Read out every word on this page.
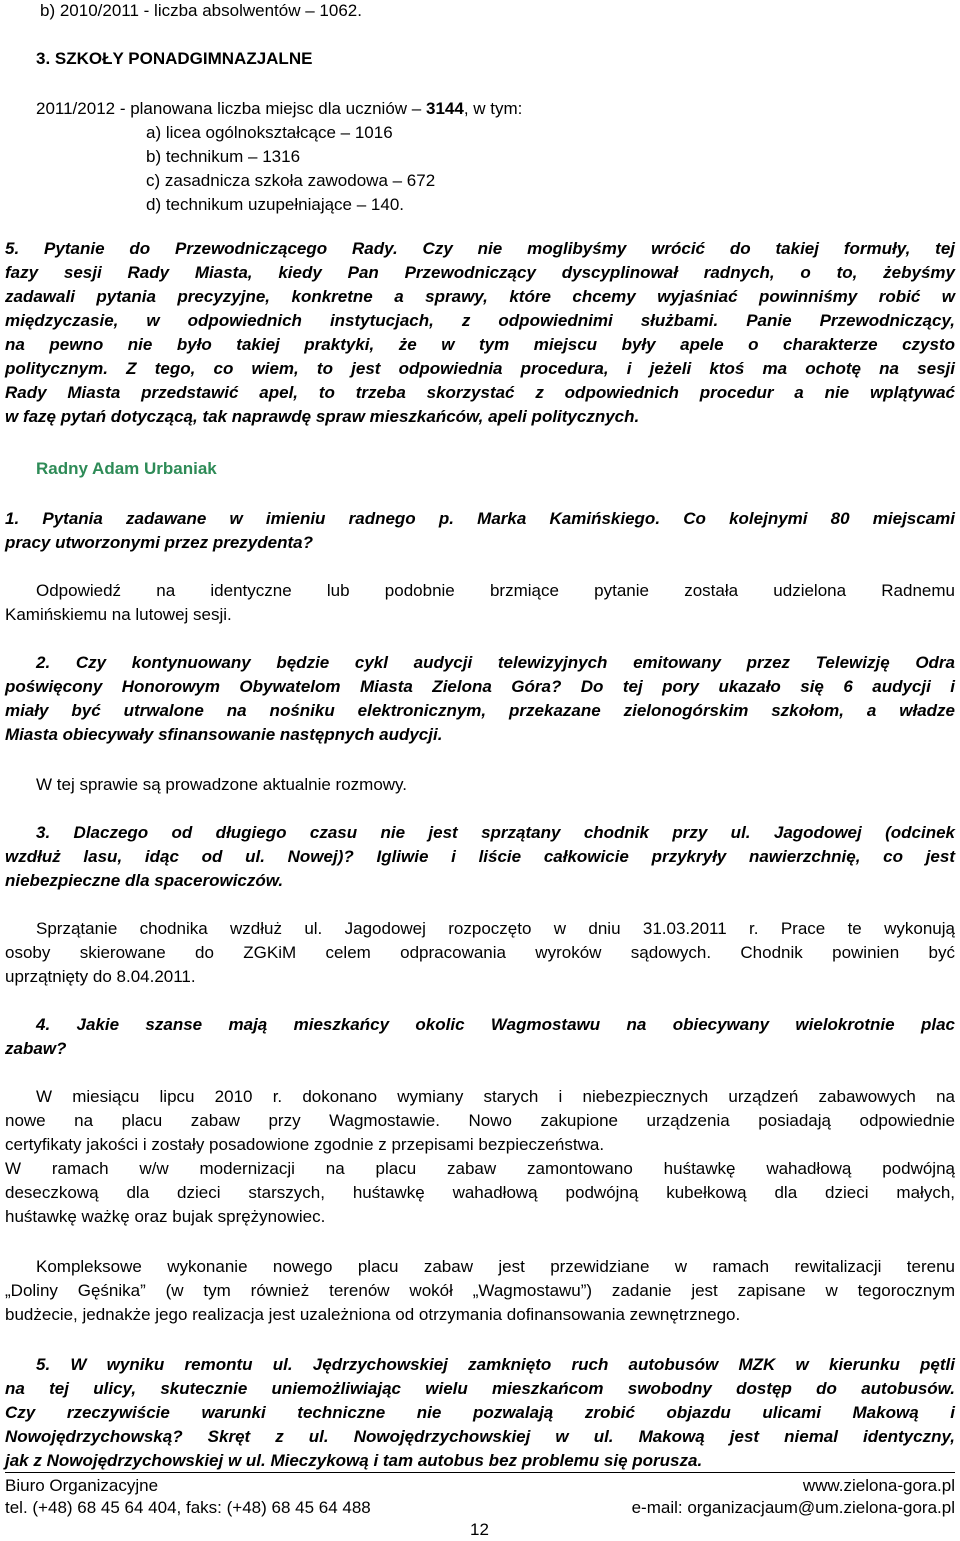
b) 2010/2011 - liczba absolwentów – 1062.
3. SZKOŁY PONADGIMNAZJALNE
2011/2012 - planowana liczba miejsc dla uczniów – 3144, w tym:
a) licea ogólnokształcące – 1016
b) technikum – 1316
c) zasadnicza szkoła zawodowa – 672
d) technikum uzupełniające – 140.
5. Pytanie do Przewodniczącego Rady. Czy nie moglibyśmy wrócić do takiej formuły, tej
fazy sesji Rady Miasta, kiedy Pan Przewodniczący dyscyplinował radnych, o to, żebyśmy
zadawali pytania precyzyjne, konkretne a sprawy, które chcemy wyjaśniać powinniśmy robić w
międzyczasie, w odpowiednich instytucjach, z odpowiednimi służbami. Panie Przewodniczący,
na pewno nie było takiej praktyki, że w tym miejscu były apele o charakterze czysto
politycznym. Z tego, co wiem, to jest odpowiednia procedura, i jeżeli ktoś ma ochotę na sesji
Rady Miasta przedstawić apel, to trzeba skorzystać z odpowiednich procedur a nie wplątywać
w fazę pytań dotyczącą, tak naprawdę spraw mieszkańców, apeli politycznych.
Radny Adam Urbaniak
1. Pytania zadawane w imieniu radnego p. Marka Kamińskiego. Co kolejnymi 80 miejscami
pracy utworzonymi przez prezydenta?
Odpowiedź na identyczne lub podobnie brzmiące pytanie została udzielona Radnemu
Kamińskiemu na lutowej sesji.
2. Czy kontynuowany będzie cykl audycji telewizyjnych emitowany przez Telewizję Odra
poświęcony Honorowym Obywatelom Miasta Zielona Góra? Do tej pory ukazało się 6 audycji i
miały być utrwalone na nośniku elektronicznym, przekazane zielonogórskim szkołom, a władze
Miasta obiecywały sfinansowanie następnych audycji.
W tej sprawie są prowadzone aktualnie rozmowy.
3. Dlaczego od długiego czasu nie jest sprzątany chodnik przy ul. Jagodowej (odcinek
wzdłuż lasu, idąc od ul. Nowej)? Igliwie i liście całkowicie przykryły nawierzchnię, co jest
niebezpieczne dla spacerowiczów.
Sprzątanie chodnika wzdłuż ul. Jagodowej rozpoczęto w dniu 31.03.2011 r. Prace te wykonują
osoby skierowane do ZGKiM celem odpracowania wyroków sądowych. Chodnik powinien być
uprzątnięty do 8.04.2011.
4. Jakie szanse mają mieszkańcy okolic Wagmostawu na obiecywany wielokrotnie plac
zabaw?
W miesiącu lipcu 2010 r. dokonano wymiany starych i niebezpiecznych urządzeń zabawowych na
nowe na placu zabaw przy Wagmostawie. Nowo zakupione urządzenia posiadają odpowiednie
certyfikaty jakości i zostały posadowione zgodnie z przepisami bezpieczeństwa.
W ramach w/w modernizacji na placu zabaw zamontowano huśtawkę wahadłową podwójną
deseczkową dla dzieci starszych, huśtawkę wahadłową podwójną kubełkową dla dzieci małych,
huśtawkę ważkę oraz bujak sprężynowiec.
Kompleksowe wykonanie nowego placu zabaw jest przewidziane w ramach rewitalizacji terenu
„Doliny Gęśnika” (w tym również terenów wokół „Wagmostawu”) zadanie jest zapisane w tegorocznym
budżecie, jednakże jego realizacja jest uzależniona od otrzymania dofinansowania zewnętrznego.
5. W wyniku remontu ul. Jędrzychowskiej zamknięto ruch autobusów MZK w kierunku pętli
na tej ulicy, skutecznie uniemożliwiając wielu mieszkańcom swobodny dostęp do autobusów.
Czy rzeczywiście warunki techniczne nie pozwalają zrobić objazdu ulicami Makową i
Nowojędrzychowską? Skręt z ul. Nowojędrzychowskiej w ul. Makową jest niemal identyczny,
jak z Nowojędrzychowskiej w ul. Mieczykową i tam autobus bez problemu się porusza.
Biuro Organizacyjne	www.zielona-gora.pl
tel. (+48) 68 45 64 404, faks: (+48) 68 45 64 488	e-mail: organizacjaum@um.zielona-gora.pl
12
